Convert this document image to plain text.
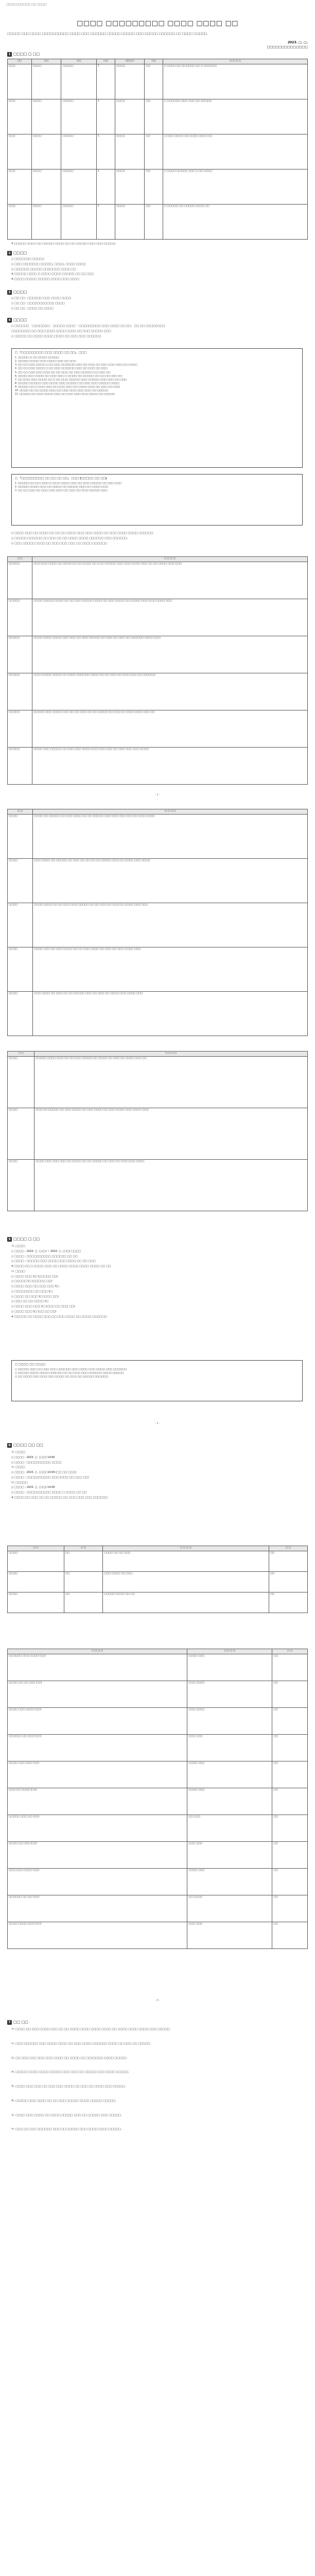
□□□□□□□□□□ □□ □□□□
□□□□ □□□□□□□□□ □□□□ □□□□ □□
□□□□□ □□□ □□□□ □□□□□□□□□□ □□□□ □□□ □□□□□□ □□□□□ □□□□□ □□□ □□□□□ □□□□□□ □□ □□□□ □□□□□.
2023. □. □.
□□□□□□□□□□□□□□
1 □□□□ □ □□
□□	□□	□□	□□	□□□□	□□	□ □ □ □
□□□	□□□□	□□□□□	1	□□□□	□□	□ □□□□ □□ □□□□□□ □□ □ □□□□□□
□□□	□□□□	□□□□□	1	□□□□	□□	□ □□□□□□ □□□ □□□ □□ □□□□□
□□□	□□□□	□□□□□	1	□□□□	□□	□ □□□ □□□□ □□ □□□□ □□□□ □□
□□□	□□□□	□□□□□	1	□□□□	□□	□ □□□□ □□□□□ □□□ □ □□ □□□□
□□□	□□□□	□□□□□	1	□□□□	□□	□ □□□□□ □□ □□□□□ □□□□ □□
※ □□□□□ □□□□ □□ □□□□□ □□□□ □□ □□ □□□□□ □□□ □□□ □□□□□.
2 □□□□
○ □□□□□□□ □□□□□
○ □□□ □□□□□□□ □□□□□, □□□□, □□□□ □□□□
○ □□□□□□ □□□□□ □□□□□□□ □□□□ □□
※ □□□□□ □□□□ □ □□□□ □□□□ □□□□□ □□ □□ □□□
※ □□□□ □□□□□ □□□□□ □□□□ □□□ □□□□
3 □□□□
○ □□ □□ : □□□□□□ □□□ □□□□ □□□□
○ □□ □□ : □□□□□□□□□□□ □□□□
○ □□ □□ : □□□□ □□ □□□□
4 □□□□
○ □□□□□□ 「□□□□□□□」 □□□□□ □□□□ 「□□□□□□□□□ □□□ □□□□ □□ □□」 □□ □□ □□□□□□□□
□□□□□□□□ □□ □□□ □□□□ □□□□ □□□□ □□ □□□ □□□□□ □□□
○ □□□□□ □□ □□□□ □□□□ □□□□ □□ □□□ □□□ □□□□□□
□ 「□□□□□□□□□ □□□ □□□□ □□ □□」 □□□
1. □□□□□ □ □□ □□□□ □□□□□
2. □□□□□ □□□□ □□□ □□□□ □□□ □□ □□□
3. □□ □□ □□□ □□□□ □ □□ □□□ □□□□□□ □□□ □□ □□□ □□ □□□ □□□ □□□ □□ □□□□
4. □□ □□ □□□ □□□□ □ □□ □□□ □□□□□□ □□□ □□ □□□ □□ □□□
5. □□ □□ □□□ □□□ □□□ □□ □□ □□□ □□ □□□ □□□□□ □□ □□□ □□
6. □□□□ □□□ □□□□ □□ □□□ □□□ □ □□□□ □□ □□□□□ □□ □□ □□ □□□ □□
7. □□ □□□ □□□ □□□□ □□ □ □□ □□□ □□□□□ □□□ □□□□□ □□□ □□□ □□ □□□
8. □□□□□ □□□□□ □□□ □□□□ □□□ □□□□□ □□ □□□ □□□ □□□□□ □□□□
9. □□□□□ □□ □ □□□ □□□ □□ □□□ □□□ □□ □□□□ □□□ □□ □□□ □□ □□□
10. □□□□ □□ □□ □□□□ □□□ □□ □□□ □□□ □□□ □□□ □□ □□□□□
11. □□□□□ □□ □□□ □□□□ □□□ □□ □□□ □□□ □□□ □□□□ □□ □□□□□
□ 「□□□□□□□□□ □□ □□ □□ □□」 □□□ (□□□□□ □□ □□)
1. □□□□□ □□ □□ □□□□ □ □□□ □□□□ □□□ □□ □□□ □□□□□ □□ □□□ □□□
2. □□□□□ □□□□ □□□ □□ □□□□ □□ □□□□□ □□□ □□ □□□□ □□□
3. □□ □□ □□□ □□ □□□ □□□ □□□ □□ □□□ □□ □□□ □□□□□ □□□
○ □□□□ □□□ □□ □□□□ □□ □□ □□ □□□□ □□□ □□□ □□□□ □□ □□□ □□□□ □□□□ □□□□□□.
○ □□□□□ □□□□□□ □□ □□□ □□ □□ □□□□ □□□□ □□□□□□ □□□ □□□□□□.
○ □□□ □□□□□ □□□□ □□ □□□ □□□ □□□ □□ □□□□ □□□□□□.
□ □	□ □ □ □
□□□□□	□□□ □□□ □□□□ □□ □□□□ □□ □□ □□□□ □□ □ □□ □□□□□ □□□ □□□ □□□□ □□□ □□ □□ □□□□ □□□ □□□
□□□□□	□□□□ □□□□□ □□□□ □□ □□ □□□ □□□□□ □□□□ □□ □□□ □□□□ □□ □□□□□ □□□ □□□ □□□□ □□□
□□□□□	□□□□ □□□□ □□□□ □□□ □□□ □□ □□□ □□□□□ □□ □□□ □□ □□□ □□ □□□□□□ □□□□ □□□
□□□□□	□□□ □□□□□ □□□□ □□ □□□□ □□□□□□ □□□□ □□ □□ □□□ □□ □□□ □□□ □□ □□□□□□
□□□□□	□□□□□ □□□ □□□□ □□□ □□ □□ □□□ □□ □□ □□□□□ □□ □□□ □□ □□□ □□□□ □□□ □□
□□□□□	□□□□ □□□ □□□□□ □□ □□□ □□□ □□□□ □□□ □□□ □□□ □□ □□□ □□□ □□□ □□□□
- 1 -
□ □	□ □ □ □
□□□□	□□□□ □□ □□□□□ □□ □□□ □□□□ □□ □□ □□□□□ □□□ □□□ □□□ □□□ □□ □□□ □□□□
□□□□	□□□ □□□□ □□ □□□□□ □□ □□□ □□ □□ □□ □□ □□□□□ □□□ □□ □□□□ □□□ □□□□
□□□□	□□□□ □□□□ □□ □□ □□□ □□□ □□□□□ □□ □□ □□□ □□ □□□ □□ □□□□ □□□ □□□
□□□□	□□□□ □□□ □□ □□□ □□□□ □□ □□ □□□ □□□□ □□ □□□ □□ □□□ □□□□ □□□
□□□□	□□□ □□□□ □□ □□□ □□ □□ □□□□□ □□□ □□ □□□ □□ □□□□ □□□ □□□□ □□□
□ □	□ □ □ □
□□□□	□□□□□ □□□□ □□□ □□ □□ □□□ □□□□□ □□ □□□□ □□ □□□ □□ □□□□ □□□ □□
□□□□	□□□ □□ □□□□□ □□ □□□ □□□□ □□ □□□ □□□□ □□ □□□ □□□□ □□□ □□□□ □□□
□□□□	□□□□ □□□ □□□ □□□ □□ □□□□ □□ □□ □□□□□ □□ □□□ □□ □□□ □□□ □□□□
5 □□□□ □ □□
가. □□□□
○ □□□□ : 2023. □. □.(□) ~ 2023. □. □.(□) □□□□
○ □□□□ : □□□□□□□□□□ □□□□□□ □□ □□
○ □□□□ : □□□□□ □□□ □□□□ □□□ □□□□ □□ □□ □□□
※ □□□□ □□ □ □□□□ □□□ □□ □□□□ □□□□ □□□□ □□□□ □□ □□
나. □□□□
○ □□□□ □□□ 1□ (□□□□□ □□)
○ □□□□□ 1□ (□□□□□ □□)
○ □□□□ □□□ □□ □□□ □□□ 1□
○ □□□□□□□□ □□ □□□ 1□
○ □□□□ □□ □□□ 1□ (□□□ □□)
○ □□□ □□ □□ □□□□ 1□
○ □□□□ □□□ □□□ 1□ (□□□ □□ □□□ □□)
○ □□□□ □□□ 1□ (□□ □□ □□)
※ □□□□□ □□ □□□□ □□□ □□ □□□ □□□□ □□ □□□□ □□□□□□.
□ □□□□ □□ □□□□
○ □□□□□ □□□ □□ □□□ □□□ □□□□□□ □□□ □□□□ □□□ □□□□ □□□ □□□□□□.
○ □□□□□ □□□□ □□□□ □□□□□□ □□ □□ □□□ □□□ □□□□□□ □□□□ □□□□□.
○ □□ □□□□ □□□ □□□ □□□ □□□□ □□ □□□ □□ □□□□□ □□□□□□.
- 2 -
6 □□□□ □□ □□
가. □□□□
○ □□□□ : 2023. □. □.(□) 14:00
○ □□□□ : □□□□□□□□□□ □□□□
나. □□□□
○ □□□□ : 2023. □. □.(□) 10:00 (□□ □□ □□□)
○ □□□□ : □□□□□□□□□□ □□□ (□□□ □□ □□□ □□)
다. □□□□□
○ □□□□ : 2023. □. □.(□) 14:00
○ □□□□ : □□□□□□□□□□ □□□□ □ □□□□ □□ □□
※ □□□□ □□ □□□ □□ □□ □□□□□ □□ □□□ □□□ □□□ □□□□□□.
□ □	□ □	□ □ □ □	□ □
□□□□	□□	□□□□ □□ □□ □□□	□□
□□□□	□□	□□□ □□□□ □□ □□□	□□
□□□□	□□	□□□□□ □□□□ □□ □□	□□
□ □ □ □	□ □ □ □	□ □
□□□□□□ □□□ □□□□ (□□)	□□□□ □□□	□□
□□□□ □□ □□ □□□ (□□)	□□□ □□□□	□□
□□□□ □□□ □□□□ (□□)	□□□ □□□□	□□
□□□□□□ □□ □□□ (□□)	□□□ □□□	□□
□□□□ □□□ □□□ (□□)	□□□□ □□□	□□
□□□ □□ □□□□ (□□)	□□□□ □□□	□□
□□□□□ □□□ □□ (□□)	□□ □□□	□□
□□□□ □□ □□□ (□□)	□□□ □□□	□□
□□□ □□□ □□□□ (□□)	□□□□ □□□	□□
□□□□□□ □□ □□ (□□)	□□ □□□□	□□
□□□□ □□□□ □□□ (□□)	□□□ □□□	□□
- 3 -
7 □□ □□
가. □□□□ □□ □□□ □□□□ □□□ □□ □□ □□□□ □□□□ □□□□ □□□□ □□ □□□□ □□□□ □□□□ □□□ □□□□□.
나. □□□ □□□□□□ □□□ □□□□ □□□□ □□ □□□ □□□□ □□□□□□ □□□□ □□ □□□ □□ □□□□□.
다. □□ □□□ □□□ □□□ □□□ □□□□ □□ □□□□ □□ □□□□□□□ □□□□ □□□□□.
라. □□□□□ □□□□ □□□□ □□□□□ □□□ □□□ □□ □□□□□ □□□ □□□□ □□□□□.
마. □□□□ □□□ □□□ □□ □□□ □□□ □□□□ □□ □□□ □□ □□□□ □□□ □□□□□.
바. □□□□□ □□□ □□□□ □□ □□ □□□ □□□□□ □□□□ □□□□□ □□□□□.
사. □□□□ □□□ □□□□ □□ □□□□ □□□□□ □□□ □□ □□□□□ □□□ □□□□□.
아. □□□ □□ □□□ □□□□□□ □□□ □□ □□□□□ □□□ □□□□ □□□□ □□□□□.
